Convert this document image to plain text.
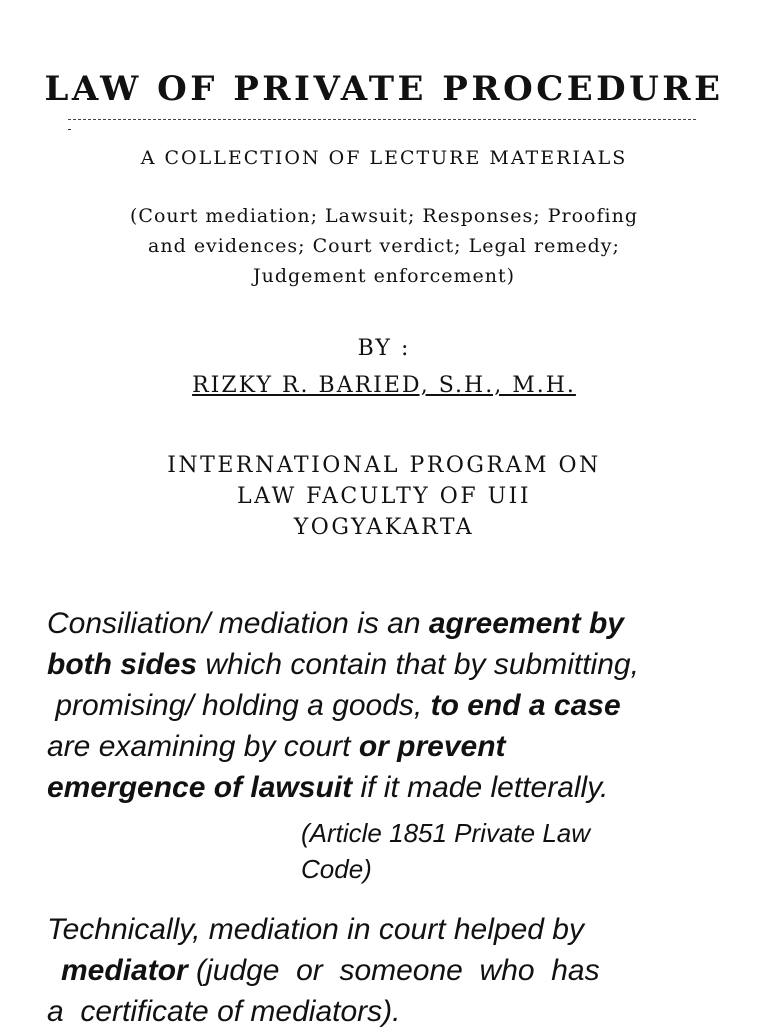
LAW OF PRIVATE PROCEDURE
A COLLECTION OF LECTURE MATERIALS
(Court mediation; Lawsuit; Responses; Proofing
and evidences; Court verdict; Legal remedy;
Judgement enforcement)
BY :
RIZKY R. BARIED, S.H., M.H.
INTERNATIONAL PROGRAM ON
LAW FACULTY OF UII
YOGYAKARTA
Consiliation/ mediation is an agreement by
both sides which contain that by submitting,
promising/ holding a goods, to end a case
are examining by court or prevent
emergence of lawsuit if it made letterally.
(Article 1851 Private Law
Code)
Technically, mediation in court helped by
mediator (judge  or  someone  who  has
a  certificate of mediators).
